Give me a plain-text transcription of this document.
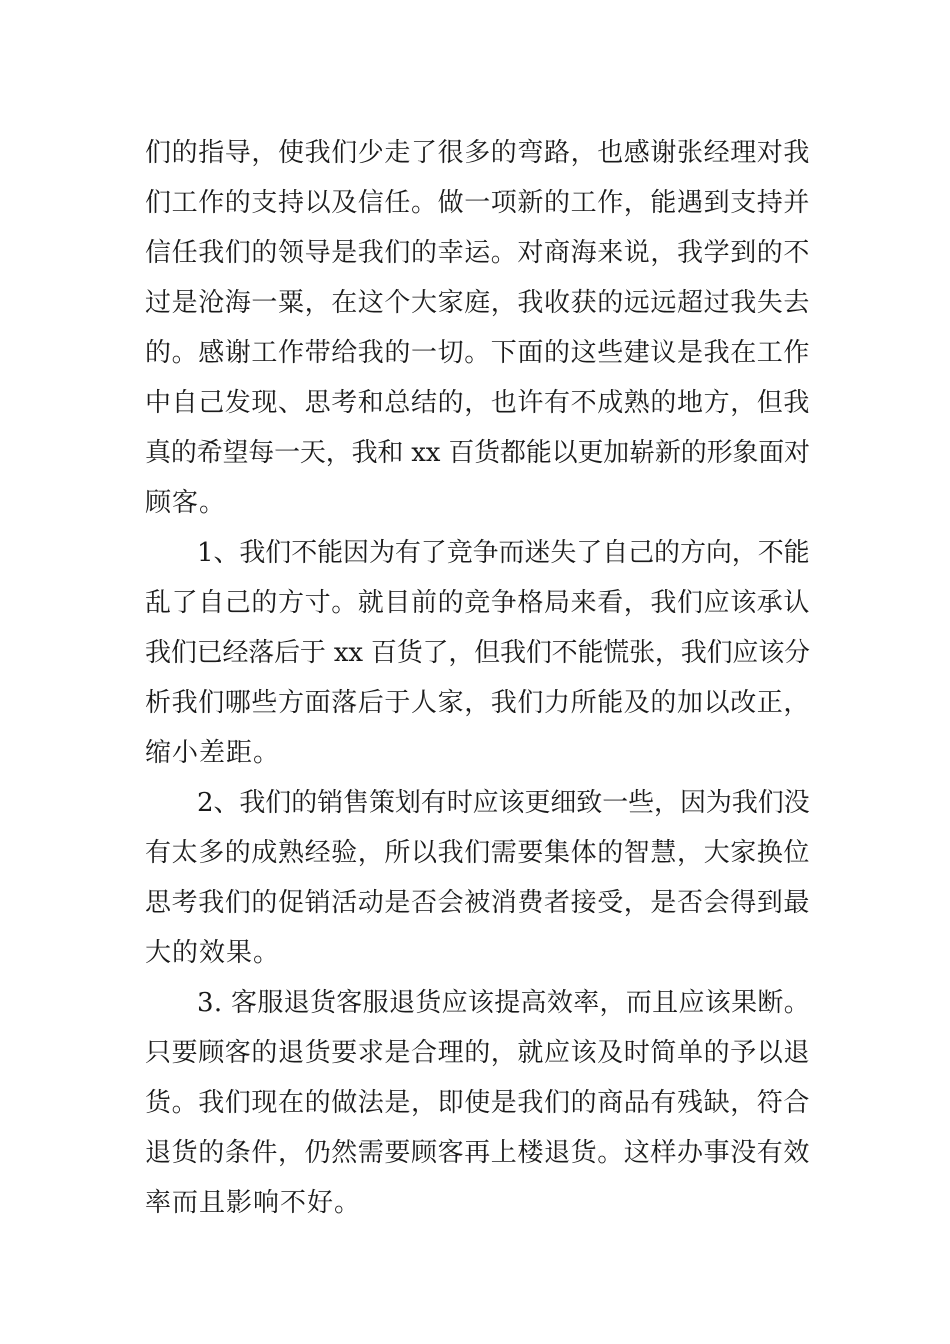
们的指导，使我们少走了很多的弯路，也感谢张经理对我
们工作的支持以及信任。做一项新的工作，能遇到支持并
信任我们的领导是我们的幸运。对商海来说，我学到的不
过是沧海一粟，在这个大家庭，我收获的远远超过我失去
的。感谢工作带给我的一切。下面的这些建议是我在工作
中自己发现、思考和总结的，也许有不成熟的地方，但我
真的希望每一天，我和 xx 百货都能以更加崭新的形象面对
顾客。
1、我们不能因为有了竞争而迷失了自己的方向，不能
乱了自己的方寸。就目前的竞争格局来看，我们应该承认
我们已经落后于 xx 百货了，但我们不能慌张，我们应该分
析我们哪些方面落后于人家，我们力所能及的加以改正，
缩小差距。
2、我们的销售策划有时应该更细致一些，因为我们没
有太多的成熟经验，所以我们需要集体的智慧，大家换位
思考我们的促销活动是否会被消费者接受，是否会得到最
大的效果。
3. 客服退货客服退货应该提高效率，而且应该果断。
只要顾客的退货要求是合理的，就应该及时简单的予以退
货。我们现在的做法是，即使是我们的商品有残缺，符合
退货的条件，仍然需要顾客再上楼退货。这样办事没有效
率而且影响不好。
